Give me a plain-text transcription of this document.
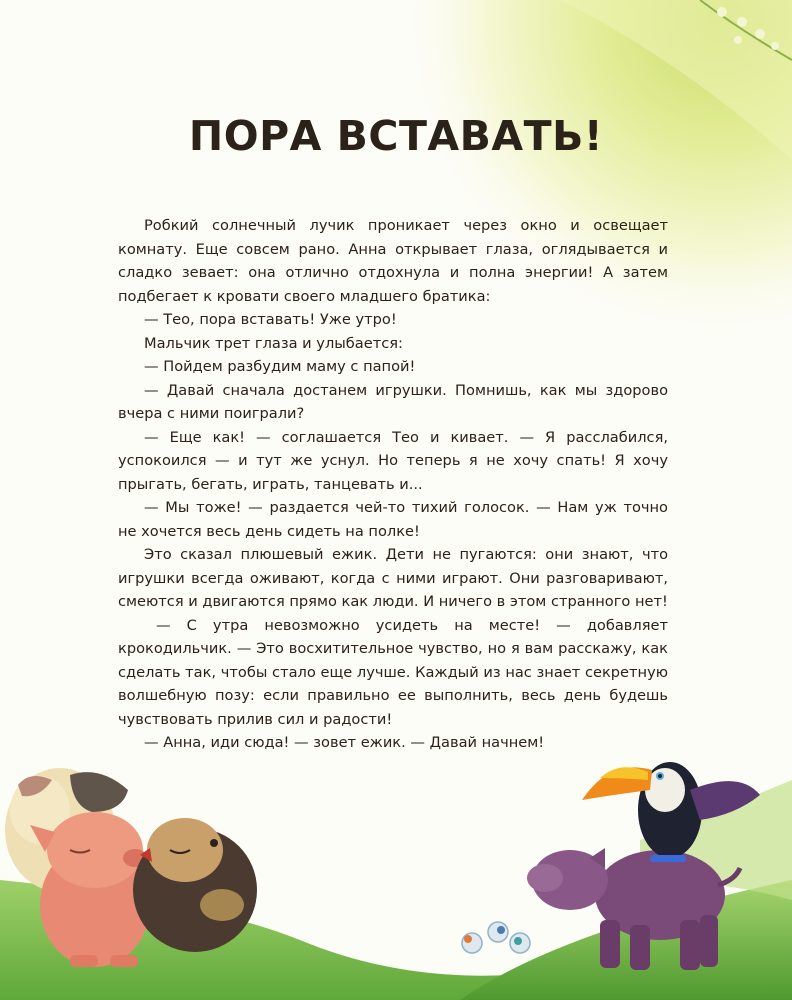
ПОРА ВСТАВАТЬ!

Робкий солнечный лучик проникает через окно и освещает комнату. Еще совсем рано. Анна открывает глаза, оглядывается и сладко зевает: она отлично отдохнула и полна энергии! А затем подбегает к кровати своего младшего братика:

— Тео, пора вставать! Уже утро!

Мальчик трет глаза и улыбается:

— Пойдем разбудим маму с папой!

— Давай сначала достанем игрушки. Помнишь, как мы здорово вчера с ними поиграли?

— Еще как! — соглашается Тео и кивает. — Я расслабился, успокоился — и тут же уснул. Но теперь я не хочу спать! Я хочу прыгать, бегать, играть, танцевать и...

— Мы тоже! — раздается чей-то тихий голосок. — Нам уж точно не хочется весь день сидеть на полке!

Это сказал плюшевый ежик. Дети не пугаются: они знают, что игрушки всегда оживают, когда с ними играют. Они разговаривают, смеются и двигаются прямо как люди. И ничего в этом странного нет!

— С утра невозможно усидеть на месте! — добавляет крокодильчик. — Это восхитительное чувство, но я вам расскажу, как сделать так, чтобы стало еще лучше. Каждый из нас знает секретную волшебную позу: если правильно ее выполнить, весь день будешь чувствовать прилив сил и радости!

— Анна, иди сюда! — зовет ежик. — Давай начнем!
